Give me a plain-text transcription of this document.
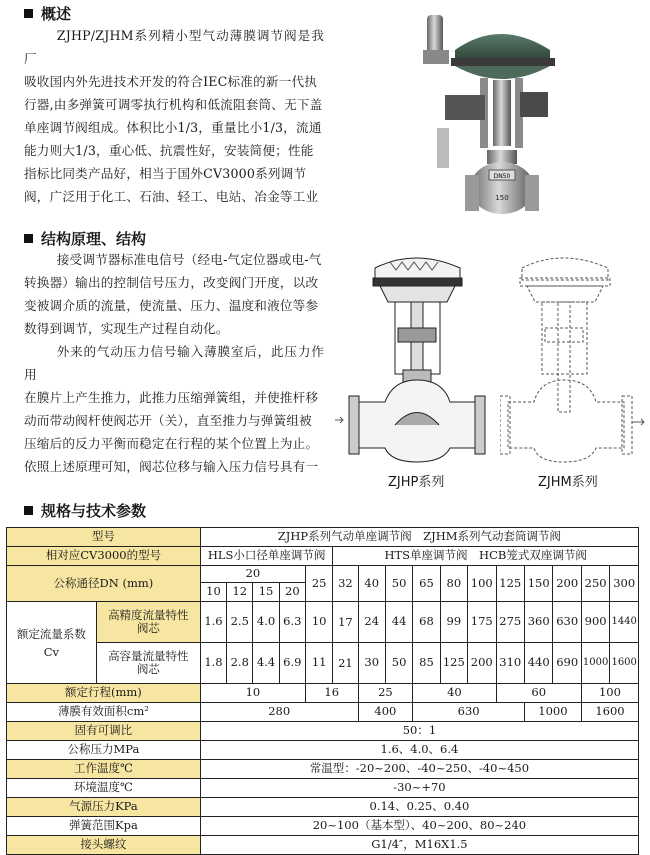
概述
ZJHP/ZJHM系列精小型气动薄膜调节阀是我厂
吸收国内外先进技术开发的符合IEC标准的新一代执
行器,由多弹簧可调零执行机构和低流阻套筒、无下盖
单座调节阀组成。体积比小1/3，重量比小1/3，流通
能力则大1/3，重心低、抗震性好，安装简便；性能
指标比同类产品好，相当于国外CV3000系列调节
阀，广泛用于化工、石油、轻工、电站、冶金等工业
DN50
150
结构原理、结构
接受调节器标准电信号（经电-气定位器或电-气
转换器）输出的控制信号压力，改变阀门开度，以改
变被调介质的流量，使流量、压力、温度和液位等参
数得到调节，实现生产过程自动化。
外来的气动压力信号输入薄膜室后，此压力作用
在膜片上产生推力，此推力压缩弹簧组，并使推杆移
动而带动阀杆使阀芯开（关），直至推力与弹簧组被
压缩后的反力平衡而稳定在行程的某个位置上为止。
依照上述原理可知，阀芯位移与输入压力信号具有一
ZJHP系列	ZJHM系列
规格与技术参数
型号		ZJHP系列气动单座调节阀　ZJHM系列气动套筒调节阀															
相对应CV3000的型号		HLS小口径单座调节阀					HTS单座调节阀　HCB笼式双座调节阀										
公称通径DN (mm)		20				25	32	40	50	65	80	100	125	150	200	250	300
		10	12	15	20												

额定流量系数
Cv	高精度流量特性阀芯	1.6	2.5	4.0	6.3	10	17	24	44	68	99	175	275	360	630	900	1440
	高容量流量特性阀芯	1.8	2.8	4.4	6.9	11	21	30	50	85	125	200	310	440	690	1000	1600
额定行程(mm)		10				16		25		40			60			100	
薄膜有效面积cm²		280						400		630				1000		1600	
固有可调比		50：1															
公称压力MPa		1.6、4.0、6.4															
工作温度℃		常温型：-20~200、-40~250、-40~450															
环境温度℃		-30~+70															
气源压力KPa		0.14、0.25、0.40															
弹簧范围Kpa		20~100（基本型）、40~200、80~240															
接头螺纹		G1/4″，M16X1.5															
